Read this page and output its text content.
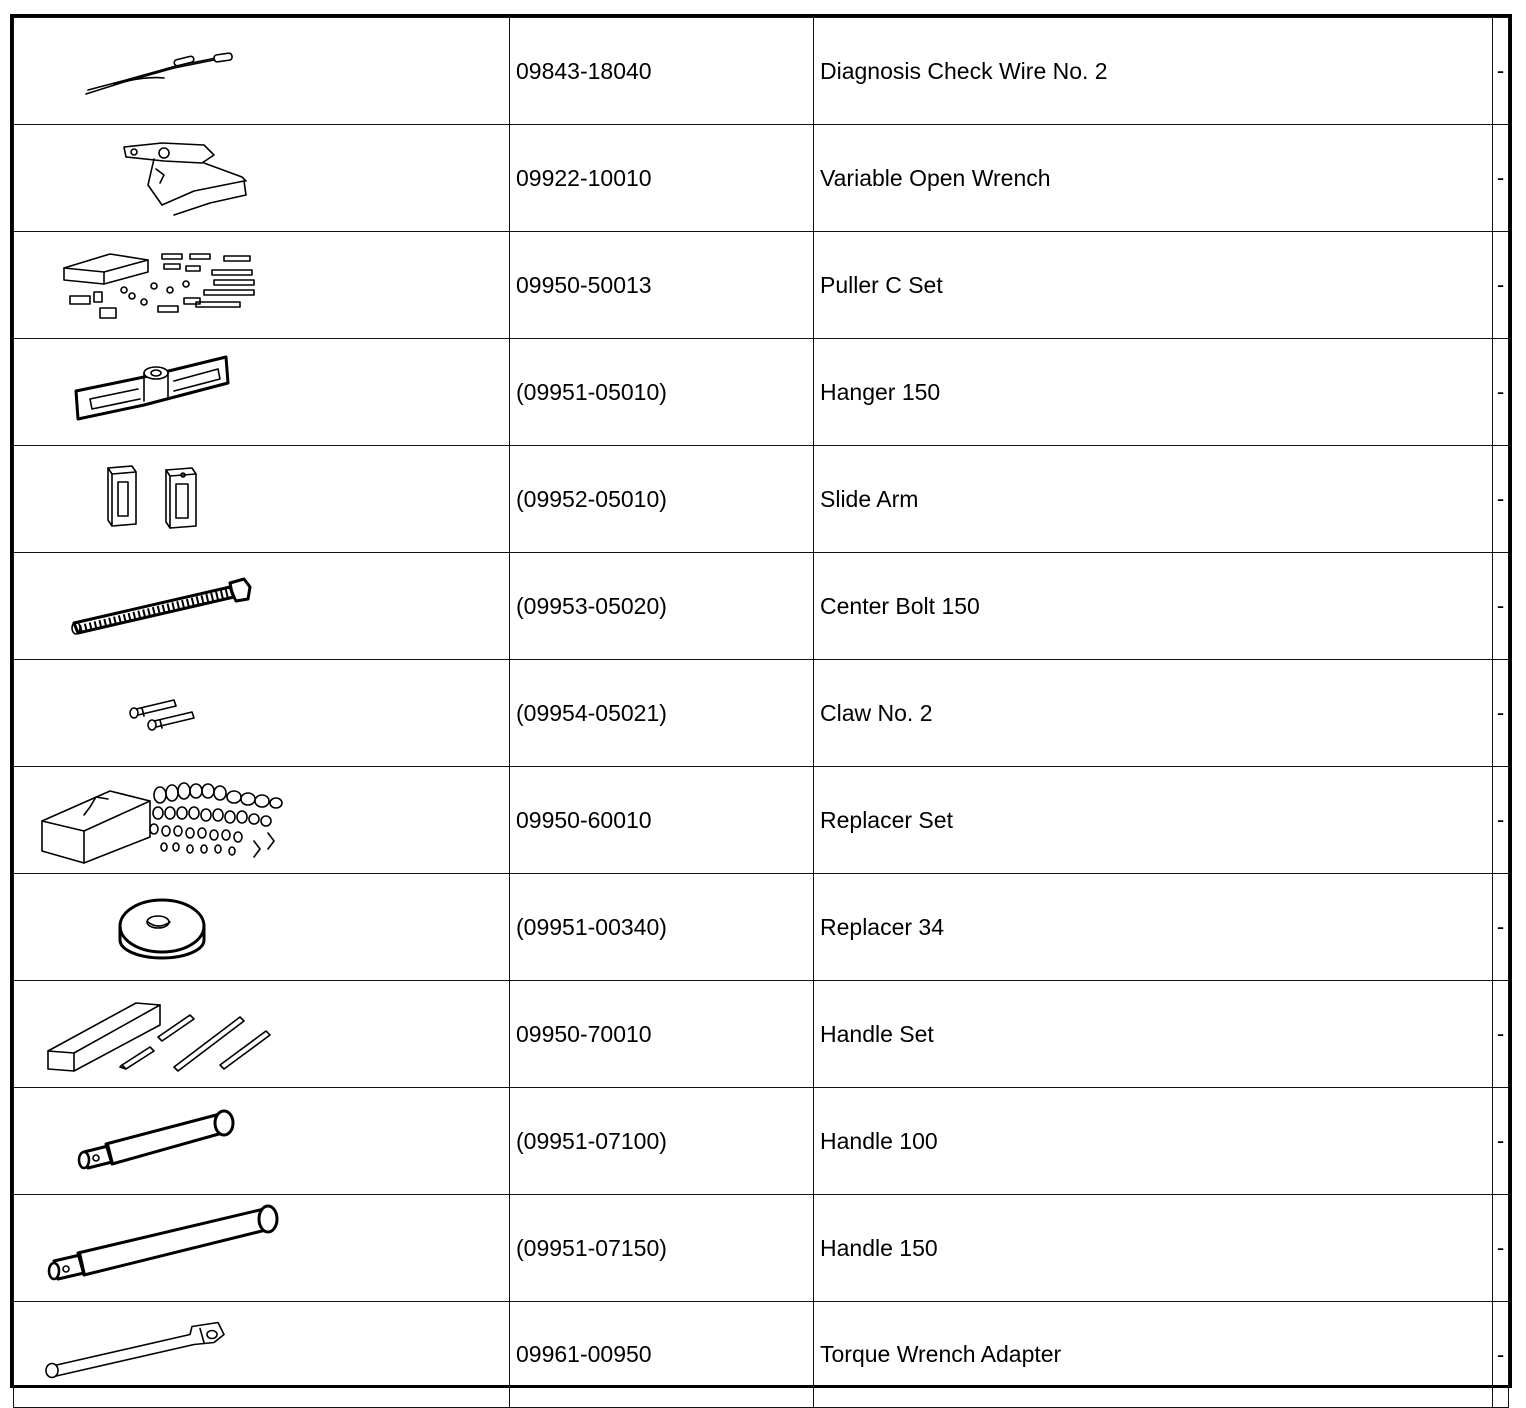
	09843-18040	Diagnosis Check Wire No. 2	-

	09922-10010	Variable Open Wrench	-

	09950-50013	Puller C Set	-

	(09951-05010)	Hanger 150	-

	(09952-05010)	Slide Arm	-

	(09953-05020)	Center Bolt 150	-

	(09954-05021)	Claw No. 2	-

	09950-60010	Replacer Set	-

	(09951-00340)	Replacer 34	-

	09950-70010	Handle Set	-

	(09951-07100)	Handle 100	-

	(09951-07150)	Handle 150	-

	09961-00950	Torque Wrench Adapter	-
